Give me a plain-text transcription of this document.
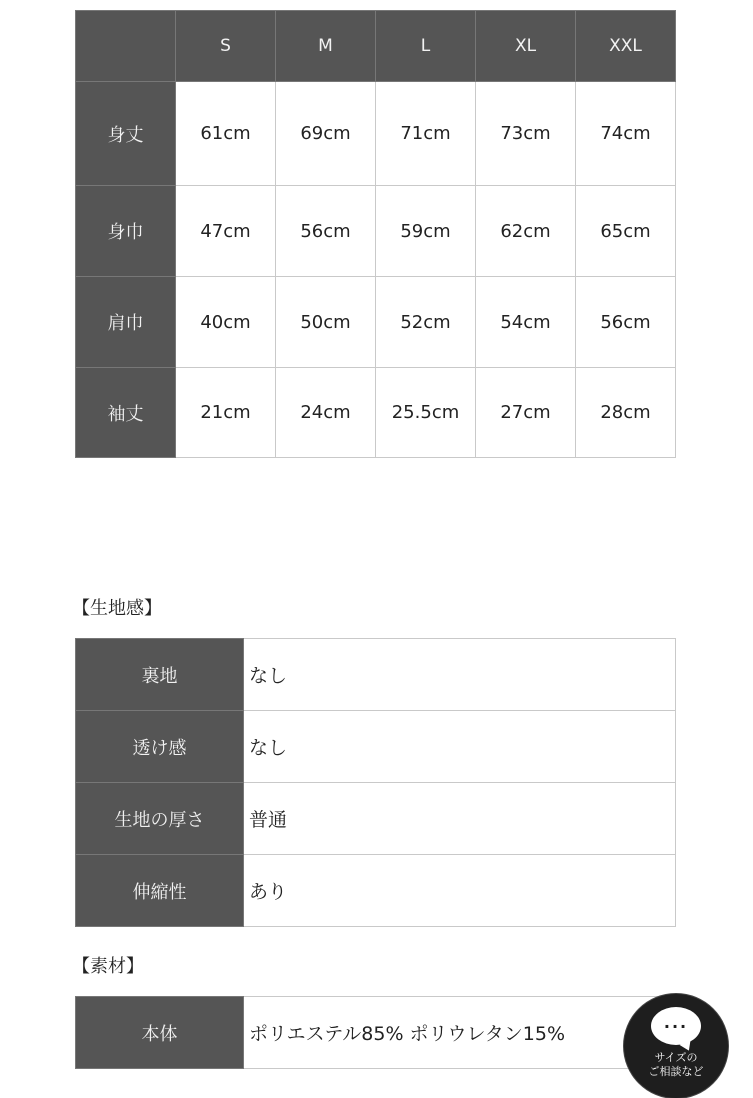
	S	M	L	XL	XXL
身丈	61cm	69cm	71cm	73cm	74cm
身巾	47cm	56cm	59cm	62cm	65cm
肩巾	40cm	50cm	52cm	54cm	56cm
袖丈	21cm	24cm	25.5cm	27cm	28cm
【生地感】
裏地	なし
透け感	なし
生地の厚さ	普通
伸縮性	あり
【素材】
本体	ポリエステル85% ポリウレタン15%	···
サイズの
ご相談など
